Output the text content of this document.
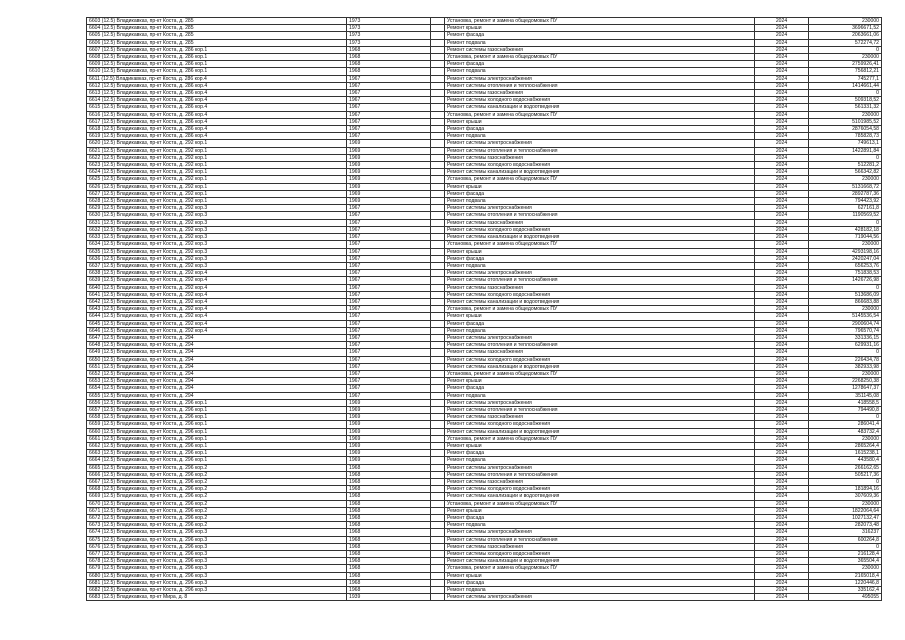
6603 (12.5) Владикавказ, пр-кт Коста, д. 285	1973		Установка, ремонт и замена общедомовых ПУ	2024	230000
6604 (12.5) Владикавказ, пр-кт Коста, д. 285	1973		Ремонт крыши	2024	3696671,52
6605 (12.5) Владикавказ, пр-кт Коста, д. 285	1973		Ремонт фасада	2024	2063661,06
6606 (12.5) Владикавказ, пр-кт Коста, д. 285	1973		Ремонт подвала	2024	572274,72
6607 (12.5) Владикавказ, пр-кт Коста, д. 286 кор.1	1968		Ремонт системы газоснабжения	2024	0
6608 (12.5) Владикавказ, пр-кт Коста, д. 286 кор.1	1968		Установка, ремонт и замена общедомовых ПУ	2024	230000
6609 (12.5) Владикавказ, пр-кт Коста, д. 286 кор.1	1968		Ремонт фасада	2024	2759926,41
6610 (12.5) Владикавказ, пр-кт Коста, д. 286 кор.1	1968		Ремонт подвала	2024	756812,21
6611 (12.5) Владикавказ, пр-кт Коста, д. 286 кор.4	1967		Ремонт системы электроснабжения	2024	745277,1
6612 (12.5) Владикавказ, пр-кт Коста, д. 286 кор.4	1967		Ремонт системы отопления и теплоснабжения	2024	1414661,44
6613 (12.5) Владикавказ, пр-кт Коста, д. 286 кор.4	1967		Ремонт системы газоснабжения	2024	0
6614 (12.5) Владикавказ, пр-кт Коста, д. 286 кор.4	1967		Ремонт системы холодного водоснабжения	2024	509318,52
6615 (12.5) Владикавказ, пр-кт Коста, д. 286 кор.4	1967		Ремонт системы канализации и водоотведения	2024	561331,32
6616 (12.5) Владикавказ, пр-кт Коста, д. 286 кор.4	1967		Установка, ремонт и замена общедомовых ПУ	2024	230000
6617 (12.5) Владикавказ, пр-кт Коста, д. 286 кор.4	1967		Ремонт крыши	2024	5101985,52
6618 (12.5) Владикавказ, пр-кт Коста, д. 286 кор.4	1967		Ремонт фасада	2024	2876054,58
6619 (12.5) Владикавказ, пр-кт Коста, д. 286 кор.4	1967		Ремонт подвала	2024	785828,73
6620 (12.5) Владикавказ, пр-кт Коста, д. 292 кор.1	1969		Ремонт системы электроснабжения	2024	749613,1
6621 (12.5) Владикавказ, пр-кт Коста, д. 292 кор.1	1969		Ремонт системы отопления и теплоснабжения	2024	1422891,84
6622 (12.5) Владикавказ, пр-кт Коста, д. 292 кор.1	1969		Ремонт системы газоснабжения	2024	0
6623 (12.5) Владикавказ, пр-кт Коста, д. 292 кор.1	1969		Ремонт системы холодного водоснабжения	2024	512281,2
6624 (12.5) Владикавказ, пр-кт Коста, д. 292 кор.1	1969		Ремонт системы канализации и водоотведения	2024	566342,82
6625 (12.5) Владикавказ, пр-кт Коста, д. 292 кор.1	1969		Установка, ремонт и замена общедомовых ПУ	2024	230000
6626 (12.5) Владикавказ, пр-кт Коста, д. 292 кор.1	1969		Ремонт крыши	2024	5131668,72
6627 (12.5) Владикавказ, пр-кт Коста, д. 292 кор.1	1969		Ремонт фасада	2024	2892787,36
6628 (12.5) Владикавказ, пр-кт Коста, д. 292 кор.1	1969		Ремонт подвала	2024	794423,92
6629 (12.5) Владикавказ, пр-кт Коста, д. 292 кор.3	1967		Ремонт системы электроснабжения	2024	627161,8
6630 (12.5) Владикавказ, пр-кт Коста, д. 292 кор.3	1967		Ремонт системы отопления и теплоснабжения	2024	1190569,52
6631 (12.5) Владикавказ, пр-кт Коста, д. 292 кор.3	1967		Ремонт системы газоснабжения	2024	0
6632 (12.5) Владикавказ, пр-кт Коста, д. 292 кор.3	1967		Ремонт системы холодного водоснабжения	2024	428182,18
6633 (12.5) Владикавказ, пр-кт Коста, д. 292 кор.3	1967		Ремонт системы канализации и водоотведения	2024	719044,56
6634 (12.5) Владикавказ, пр-кт Коста, д. 292 кор.3	1967		Установка, ремонт и замена общедомовых ПУ	2024	230000
6635 (12.5) Владикавказ, пр-кт Коста, д. 292 кор.3	1967		Ремонт крыши	2024	4293198,16
6636 (12.5) Владикавказ, пр-кт Коста, д. 292 кор.3	1967		Ремонт фасада	2024	2420247,04
6637 (12.5) Владикавказ, пр-кт Коста, д. 292 кор.3	1967		Ремонт подвала	2024	656253,76
6638 (12.5) Владикавказ, пр-кт Коста, д. 292 кор.4	1967		Ремонт системы электроснабжения	2024	751838,53
6639 (12.5) Владикавказ, пр-кт Коста, д. 292 кор.4	1967		Ремонт системы отопления и теплоснабжения	2024	1426726,98
6640 (12.5) Владикавказ, пр-кт Коста, д. 292 кор.4	1967		Ремонт системы газоснабжения	2024	0
6641 (12.5) Владикавказ, пр-кт Коста, д. 292 кор.4	1967		Ремонт системы холодного водоснабжения	2024	513686,09
6642 (12.5) Владикавказ, пр-кт Коста, д. 292 кор.4	1967		Ремонт системы канализации и водоотведения	2024	866683,88
6643 (12.5) Владикавказ, пр-кт Коста, д. 292 кор.4	1967		Установка, ремонт и замена общедомовых ПУ	2024	230000
6644 (12.5) Владикавказ, пр-кт Коста, д. 292 кор.4	1967		Ремонт крыши	2024	5145536,54
6645 (12.5) Владикавказ, пр-кт Коста, д. 292 кор.4	1967		Ремонт фасада	2024	2900604,74
6646 (12.5) Владикавказ, пр-кт Коста, д. 292 кор.4	1967		Ремонт подвала	2024	796570,74
6647 (12.5) Владикавказ, пр-кт Коста, д. 294	1967		Ремонт системы электроснабжения	2024	331336,15
6648 (12.5) Владикавказ, пр-кт Коста, д. 294	1967		Ремонт системы отопления и теплоснабжения	2024	629931,16
6649 (12.5) Владикавказ, пр-кт Коста, д. 294	1967		Ремонт системы газоснабжения	2024	0
6650 (12.5) Владикавказ, пр-кт Коста, д. 294	1967		Ремонт системы холодного водоснабжения	2024	226434,78
6651 (12.5) Владикавказ, пр-кт Коста, д. 294	1967		Ремонт системы канализации и водоотведения	2024	382933,98
6652 (12.5) Владикавказ, пр-кт Коста, д. 294	1967		Установка, ремонт и замена общедомовых ПУ	2024	230000
6653 (12.5) Владикавказ, пр-кт Коста, д. 294	1967		Ремонт крыши	2024	2268250,38
6654 (12.5) Владикавказ, пр-кт Коста, д. 294	1967		Ремонт фасада	2024	1278647,37
6655 (12.5) Владикавказ, пр-кт Коста, д. 294	1967		Ремонт подвала	2024	351145,08
6656 (12.5) Владикавказ, пр-кт Коста, д. 296 кор.1	1969		Ремонт системы электроснабжения	2024	418558,5
6657 (12.5) Владикавказ, пр-кт Коста, д. 296 кор.1	1969		Ремонт системы отопления и теплоснабжения	2024	794490,8
6658 (12.5) Владикавказ, пр-кт Коста, д. 296 кор.1	1969		Ремонт системы газоснабжения	2024	0
6659 (12.5) Владикавказ, пр-кт Коста, д. 296 кор.1	1969		Ремонт системы холодного водоснабжения	2024	286041,4
6660 (12.5) Владикавказ, пр-кт Коста, д. 296 кор.1	1969		Ремонт системы канализации и водоотведения	2024	483732,4
6661 (12.5) Владикавказ, пр-кт Коста, д. 296 кор.1	1969		Установка, ремонт и замена общедомовых ПУ	2024	230000
6662 (12.5) Владикавказ, пр-кт Коста, д. 296 кор.1	1969		Ремонт крыши	2024	2865264,4
6663 (12.5) Владикавказ, пр-кт Коста, д. 296 кор.1	1969		Ремонт фасада	2024	1615238,1
6664 (12.5) Владикавказ, пр-кт Коста, д. 296 кор.1	1969		Ремонт подвала	2024	443580,4
6665 (12.5) Владикавказ, пр-кт Коста, д. 296 кор.2	1968		Ремонт системы электроснабжения	2024	266162,65
6666 (12.5) Владикавказ, пр-кт Коста, д. 296 кор.2	1968		Ремонт системы отопления и теплоснабжения	2024	505217,36
6667 (12.5) Владикавказ, пр-кт Коста, д. 296 кор.2	1968		Ремонт системы газоснабжения	2024	0
6668 (12.5) Владикавказ, пр-кт Коста, д. 296 кор.2	1968		Ремонт системы холодного водоснабжения	2024	181894,16
6669 (12.5) Владикавказ, пр-кт Коста, д. 296 кор.2	1968		Ремонт системы канализации и водоотведения	2024	307609,36
6670 (12.5) Владикавказ, пр-кт Коста, д. 296 кор.2	1968		Установка, ремонт и замена общедомовых ПУ	2024	230000
6671 (12.5) Владикавказ, пр-кт Коста, д. 296 кор.2	1968		Ремонт крыши	2024	1822064,64
6672 (12.5) Владикавказ, пр-кт Коста, д. 296 кор.2	1968		Ремонт фасада	2024	1027132,47
6673 (12.5) Владикавказ, пр-кт Коста, д. 296 кор.2	1968		Ремонт подвала	2024	282073,48
6674 (12.5) Владикавказ, пр-кт Коста, д. 296 кор.3	1968		Ремонт системы электроснабжения	2024	316237
6675 (12.5) Владикавказ, пр-кт Коста, д. 296 кор.3	1968		Ремонт системы отопления и теплоснабжения	2024	600264,8
6676 (12.5) Владикавказ, пр-кт Коста, д. 296 кор.3	1968		Ремонт системы газоснабжения	2024	0
6677 (12.5) Владикавказ, пр-кт Коста, д. 296 кор.3	1968		Ремонт системы холодного водоснабжения	2024	216128,4
6678 (12.5) Владикавказ, пр-кт Коста, д. 296 кор.3	1968		Ремонт системы канализации и водоотведения	2024	365504,4
6679 (12.5) Владикавказ, пр-кт Коста, д. 296 кор.3	1968		Установка, ремонт и замена общедомовых ПУ	2024	230000
6680 (12.5) Владикавказ, пр-кт Коста, д. 296 кор.3	1968		Ремонт крыши	2024	2165018,4
6681 (12.5) Владикавказ, пр-кт Коста, д. 296 кор.3	1968		Ремонт фасада	2024	1220446,8
6682 (12.5) Владикавказ, пр-кт Коста, д. 296 кор.3	1968		Ремонт подвала	2024	335162,4
6683 (12.5) Владикавказ, пр-кт Мира, д. 8	1939		Ремонт системы электроснабжения	2024	495055
